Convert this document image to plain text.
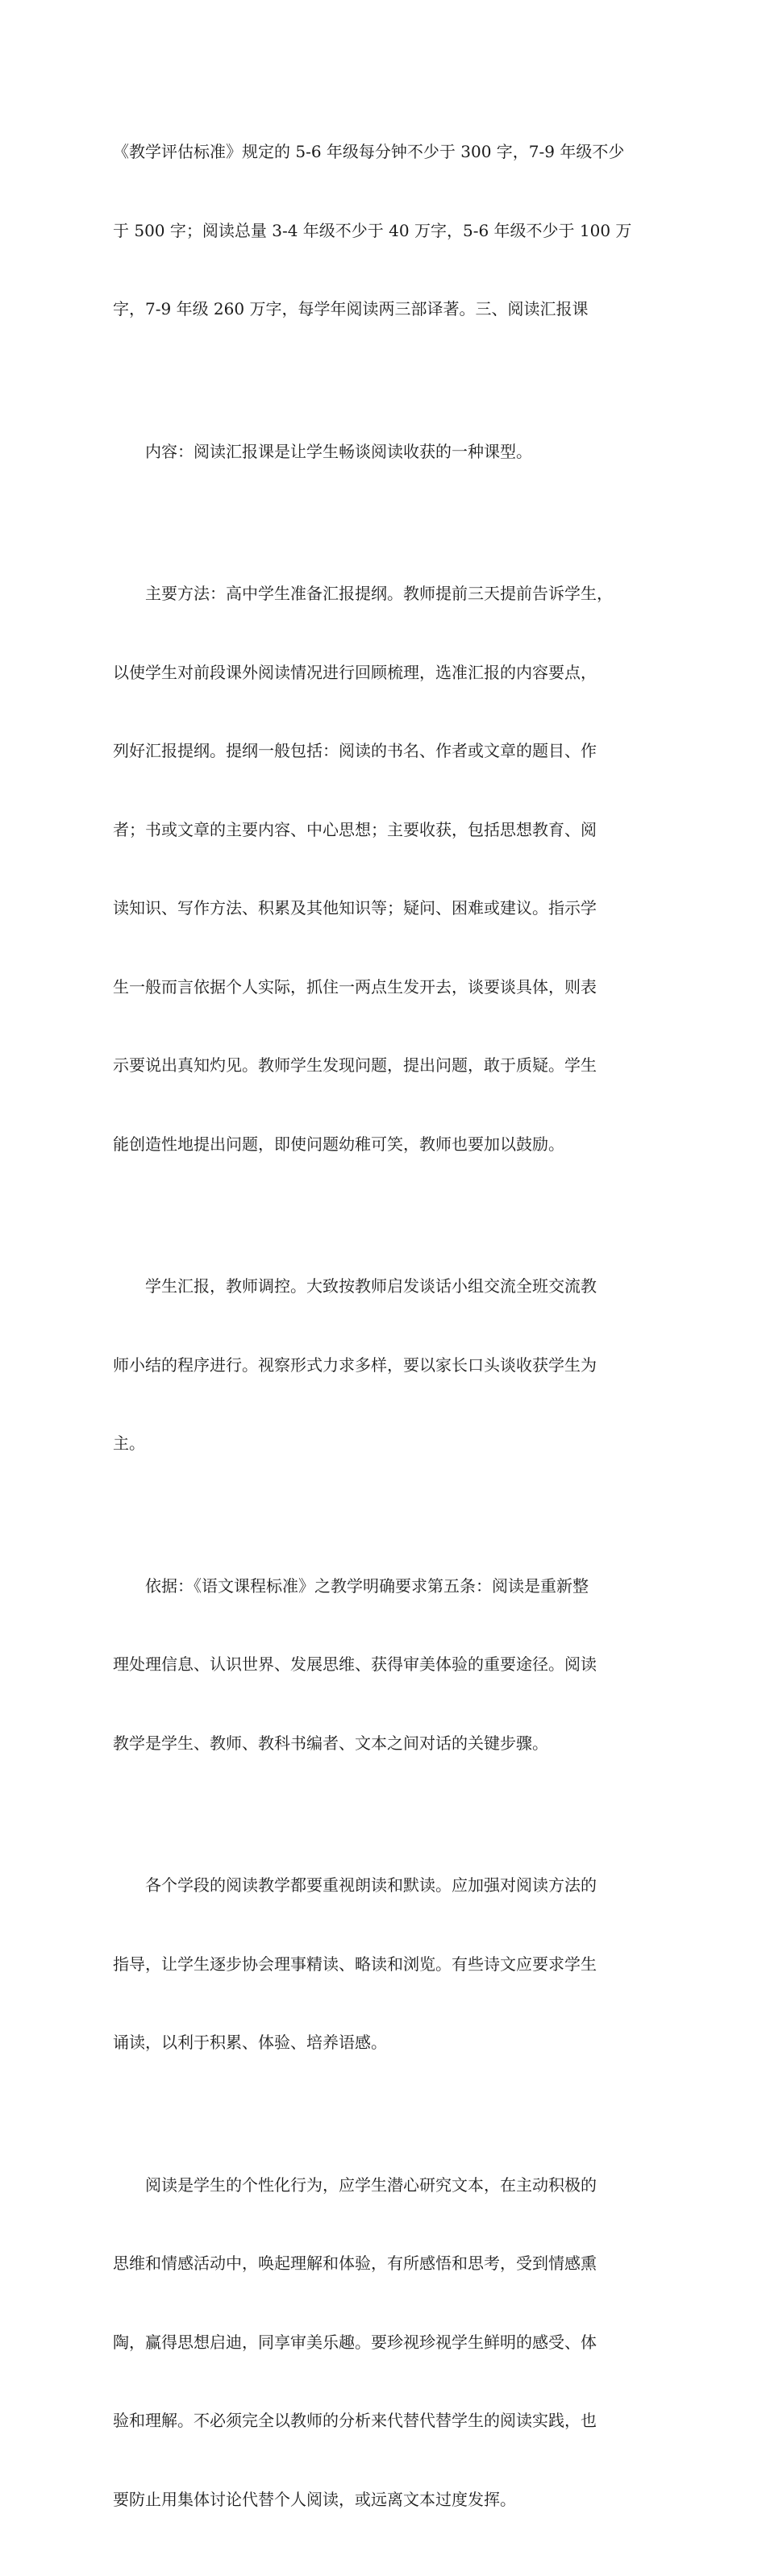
《教学评估标准》规定的 5-6 年级每分钟不少于 300 字，7-9 年级不少

于 500 字；阅读总量 3-4 年级不少于 40 万字，5-6 年级不少于 100 万

字，7-9 年级 260 万字，每学年阅读两三部译著。三、阅读汇报课

　　内容：阅读汇报课是让学生畅谈阅读收获的一种课型。

　　主要方法：高中学生准备汇报提纲。教师提前三天提前告诉学生，

以使学生对前段课外阅读情况进行回顾梳理，选准汇报的内容要点，

列好汇报提纲。提纲一般包括：阅读的书名、作者或文章的题目、作

者；书或文章的主要内容、中心思想；主要收获，包括思想教育、阅

读知识、写作方法、积累及其他知识等；疑问、困难或建议。指示学

生一般而言依据个人实际，抓住一两点生发开去，谈要谈具体，则表

示要说出真知灼见。教师学生发现问题，提出问题，敢于质疑。学生

能创造性地提出问题，即使问题幼稚可笑，教师也要加以鼓励。

　　学生汇报，教师调控。大致按教师启发谈话小组交流全班交流教

师小结的程序进行。视察形式力求多样，要以家长口头谈收获学生为

主。

　　依据：《语文课程标准》之教学明确要求第五条：阅读是重新整

理处理信息、认识世界、发展思维、获得审美体验的重要途径。阅读

教学是学生、教师、教科书编者、文本之间对话的关键步骤。

　　各个学段的阅读教学都要重视朗读和默读。应加强对阅读方法的

指导，让学生逐步协会理事精读、略读和浏览。有些诗文应要求学生

诵读，以利于积累、体验、培养语感。

　　阅读是学生的个性化行为，应学生潜心研究文本，在主动积极的

思维和情感活动中，唤起理解和体验，有所感悟和思考，受到情感熏

陶，赢得思想启迪，同享审美乐趣。要珍视珍视学生鲜明的感受、体

验和理解。不必须完全以教师的分析来代替代替学生的阅读实践，也

要防止用集体讨论代替个人阅读，或远离文本过度发挥。
